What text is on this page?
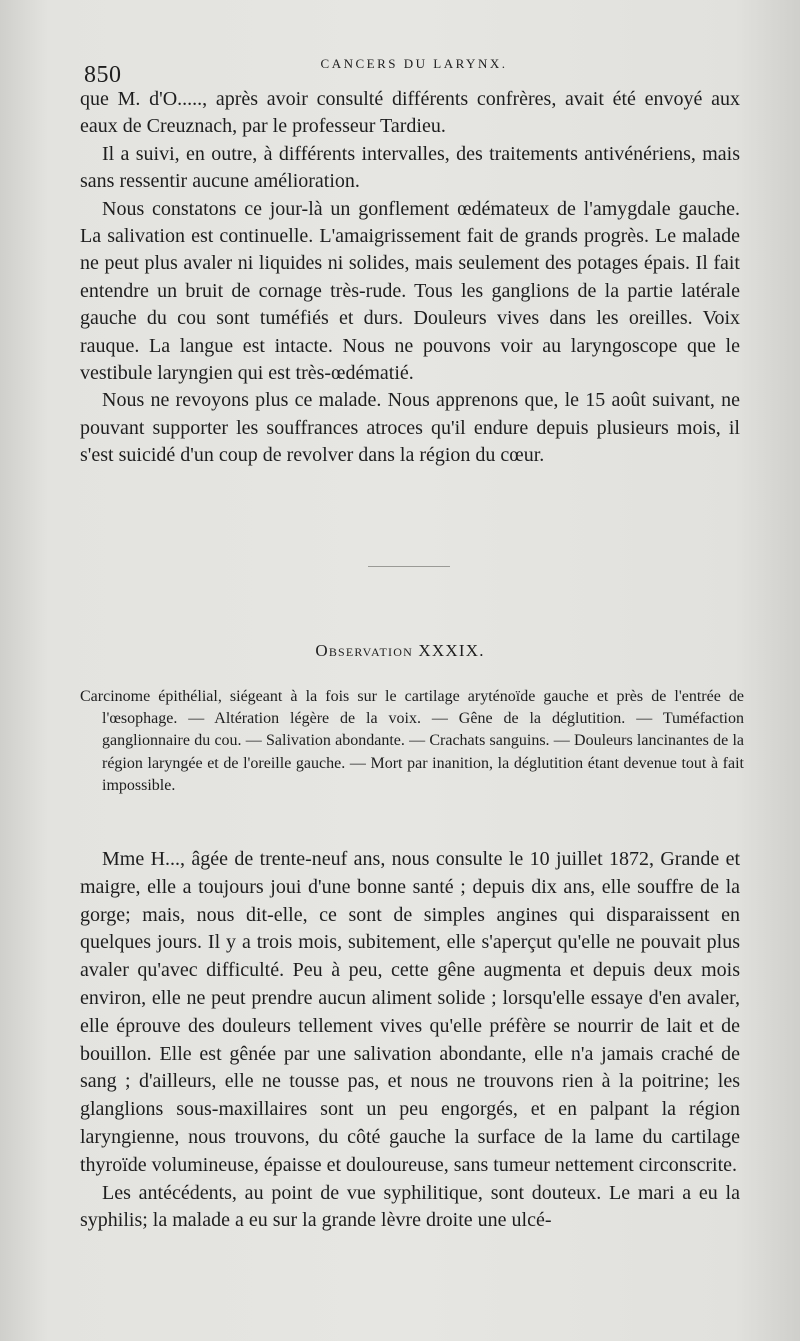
850	CANCERS DU LARYNX.

que M. d'O....., après avoir consulté différents confrères, avait été envoyé aux eaux de Creuznach, par le professeur Tardieu.

Il a suivi, en outre, à différents intervalles, des traitements antivénériens, mais sans ressentir aucune amélioration.

Nous constatons ce jour-là un gonflement œdémateux de l'amygdale gauche. La salivation est continuelle. L'amaigrissement fait de grands progrès. Le malade ne peut plus avaler ni liquides ni solides, mais seulement des potages épais. Il fait entendre un bruit de cornage très-rude. Tous les ganglions de la partie latérale gauche du cou sont tuméfiés et durs. Douleurs vives dans les oreilles. Voix rauque. La langue est intacte. Nous ne pouvons voir au laryngoscope que le vestibule laryngien qui est très-œdématié.

Nous ne revoyons plus ce malade. Nous apprenons que, le 15 août suivant, ne pouvant supporter les souffrances atroces qu'il endure depuis plusieurs mois, il s'est suicidé d'un coup de revolver dans la région du cœur.

Observation XXXIX.
Carcinome épithélial, siégeant à la fois sur le cartilage aryténoïde gauche et près de l'entrée de l'œsophage. — Altération légère de la voix. — Gêne de la déglutition. — Tuméfaction ganglionnaire du cou. — Salivation abondante. — Crachats sanguins. — Douleurs lancinantes de la région laryngée et de l'oreille gauche. — Mort par inanition, la déglutition étant devenue tout à fait impossible.

Mme H..., âgée de trente-neuf ans, nous consulte le 10 juillet 1872, Grande et maigre, elle a toujours joui d'une bonne santé ; depuis dix ans, elle souffre de la gorge; mais, nous dit-elle, ce sont de simples angines qui disparaissent en quelques jours. Il y a trois mois, subitement, elle s'aperçut qu'elle ne pouvait plus avaler qu'avec difficulté. Peu à peu, cette gêne augmenta et depuis deux mois environ, elle ne peut prendre aucun aliment solide ; lorsqu'elle essaye d'en avaler, elle éprouve des douleurs tellement vives qu'elle préfère se nourrir de lait et de bouillon. Elle est gênée par une salivation abondante, elle n'a jamais craché de sang ; d'ailleurs, elle ne tousse pas, et nous ne trouvons rien à la poitrine; les glanglions sous-maxillaires sont un peu engorgés, et en palpant la région laryngienne, nous trouvons, du côté gauche la surface de la lame du cartilage thyroïde volumineuse, épaisse et douloureuse, sans tumeur nettement circonscrite.

Les antécédents, au point de vue syphilitique, sont douteux. Le mari a eu la syphilis; la malade a eu sur la grande lèvre droite une ulcé-
